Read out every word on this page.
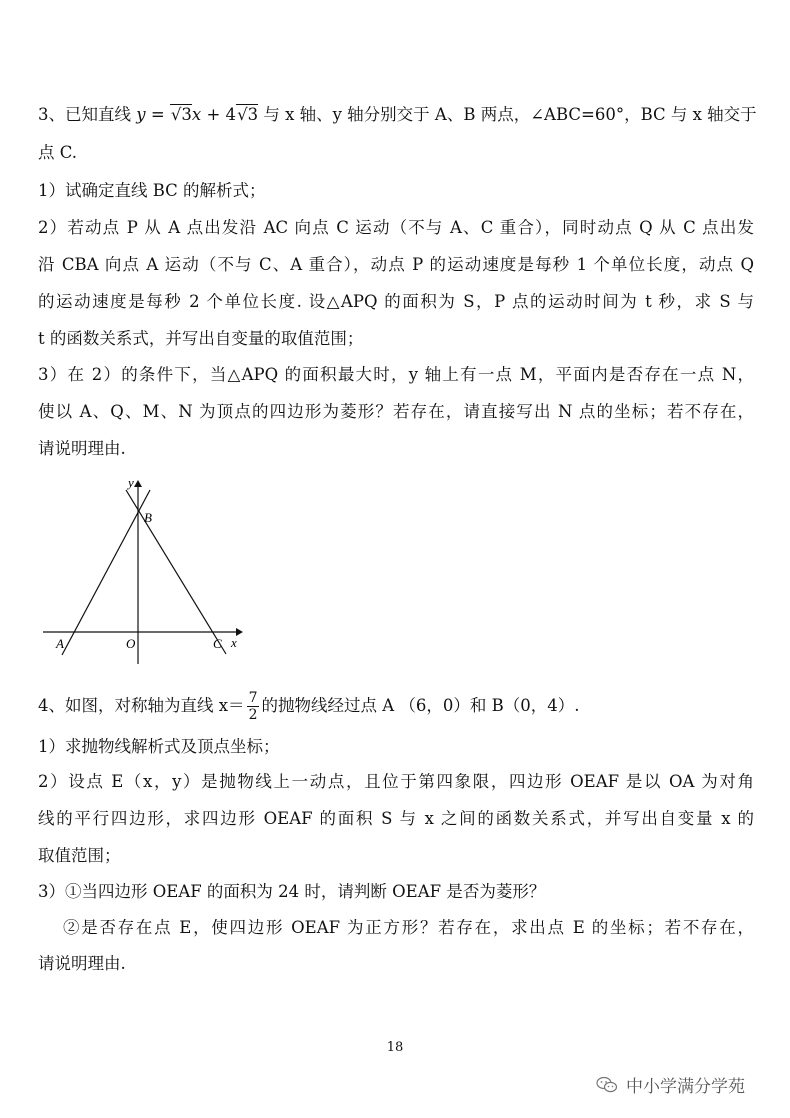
3、已知直线 y = √3x + 4√3 与 x 轴、y 轴分别交于 A、B 两点，∠ABC=60°，BC 与 x 轴交于
点 C.
1）试确定直线 BC 的解析式；
2）若动点 P 从 A 点出发沿 AC 向点 C 运动（不与 A、C 重合），同时动点 Q 从 C 点出发
沿 CBA 向点 A 运动（不与 C、A 重合），动点 P 的运动速度是每秒 1 个单位长度，动点 Q
的运动速度是每秒 2 个单位长度. 设△APQ 的面积为 S，P 点的运动时间为 t 秒，求 S 与
t 的函数关系式，并写出自变量的取值范围；
3）在 2）的条件下，当△APQ 的面积最大时，y 轴上有一点 M，平面内是否存在一点 N，
使以 A、Q、M、N 为顶点的四边形为菱形？若存在，请直接写出 N 点的坐标；若不存在，
请说明理由.
y
x
B
A	O	C
4、如图，对称轴为直线 $x= \frac{7}{2}$ 的抛物线经过点 A （6，0）和 B（0，4）.
1）求抛物线解析式及顶点坐标；
2）设点 E（x，y）是抛物线上一动点，且位于第四象限，四边形 OEAF 是以 OA 为对角
线的平行四边形，求四边形 OEAF 的面积 S 与 x 之间的函数关系式，并写出自变量 x 的
取值范围；
3）①当四边形 OEAF 的面积为 24 时，请判断 OEAF 是否为菱形？
②是否存在点 E，使四边形 OEAF 为正方形？若存在，求出点 E 的坐标；若不存在，
请说明理由.
18
中小学满分学苑
